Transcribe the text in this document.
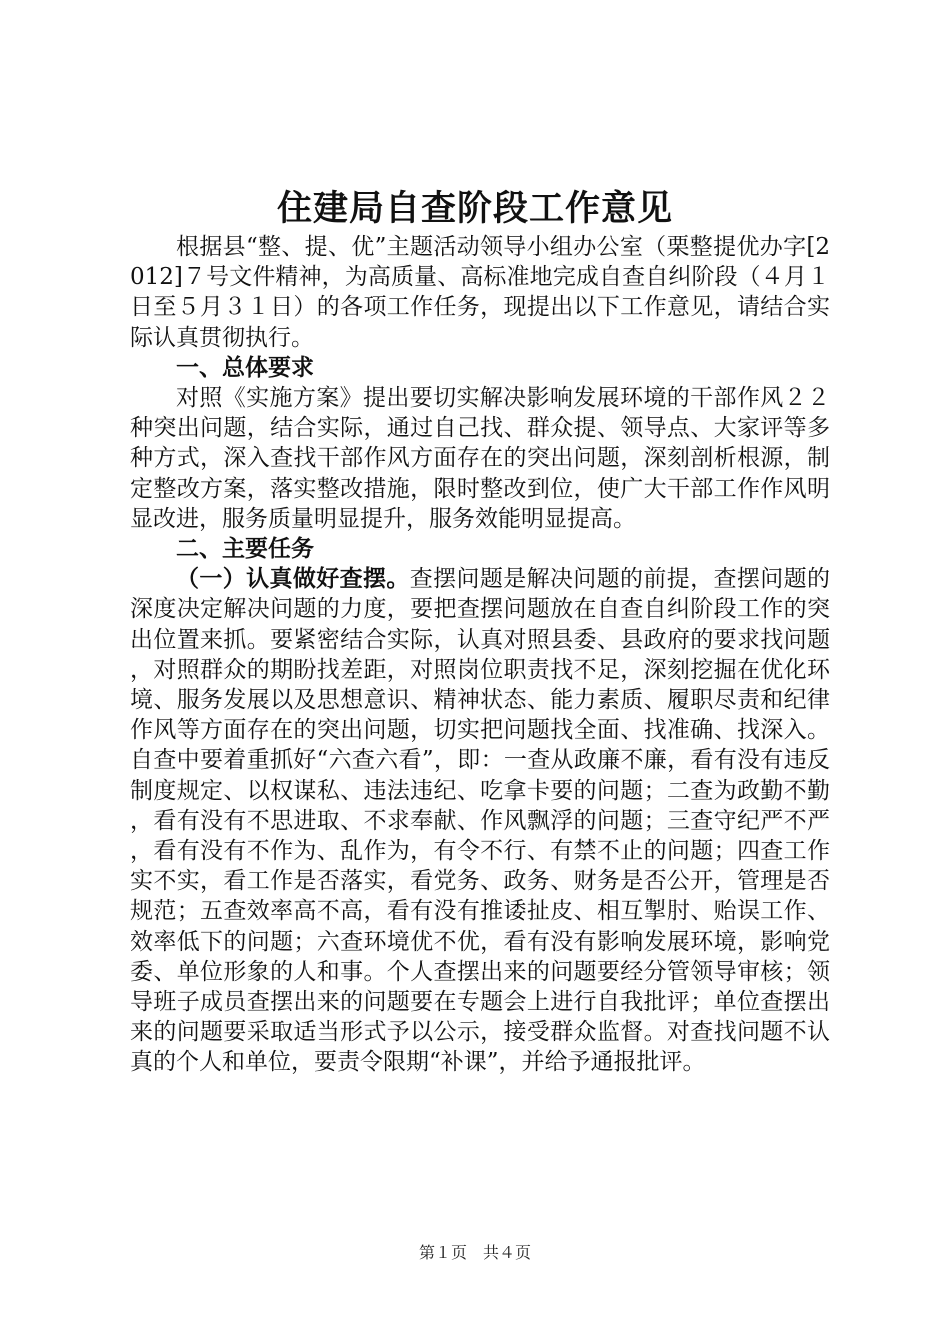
住建局自查阶段工作意见

根据县“整、提、优”主题活动领导小组办公室（栗整提优办字[2012]７号文件精神，为高质量、高标准地完成自查自纠阶段（４月１日至５月３１日）的各项工作任务，现提出以下工作意见，请结合实际认真贯彻执行。

一、总体要求

对照《实施方案》提出要切实解决影响发展环境的干部作风２２种突出问题，结合实际，通过自己找、群众提、领导点、大家评等多种方式，深入查找干部作风方面存在的突出问题，深刻剖析根源，制定整改方案，落实整改措施，限时整改到位，使广大干部工作作风明显改进，服务质量明显提升，服务效能明显提高。

二、主要任务

（一）认真做好查摆。查摆问题是解决问题的前提，查摆问题的深度决定解决问题的力度，要把查摆问题放在自查自纠阶段工作的突出位置来抓。要紧密结合实际，认真对照县委、县政府的要求找问题，对照群众的期盼找差距，对照岗位职责找不足，深刻挖掘在优化环境、服务发展以及思想意识、精神状态、能力素质、履职尽责和纪律作风等方面存在的突出问题，切实把问题找全面、找准确、找深入。自查中要着重抓好“六查六看”，即：一查从政廉不廉，看有没有违反制度规定、以权谋私、违法违纪、吃拿卡要的问题；二查为政勤不勤，看有没有不思进取、不求奉献、作风飘浮的问题；三查守纪严不严，看有没有不作为、乱作为，有令不行、有禁不止的问题；四查工作实不实，看工作是否落实，看党务、政务、财务是否公开，管理是否规范；五查效率高不高，看有没有推诿扯皮、相互掣肘、贻误工作、效率低下的问题；六查环境优不优，看有没有影响发展环境，影响党委、单位形象的人和事。个人查摆出来的问题要经分管领导审核；领导班子成员查摆出来的问题要在专题会上进行自我批评；单位查摆出来的问题要采取适当形式予以公示，接受群众监督。对查找问题不认真的个人和单位，要责令限期“补课”，并给予通报批评。

第１页　共４页
